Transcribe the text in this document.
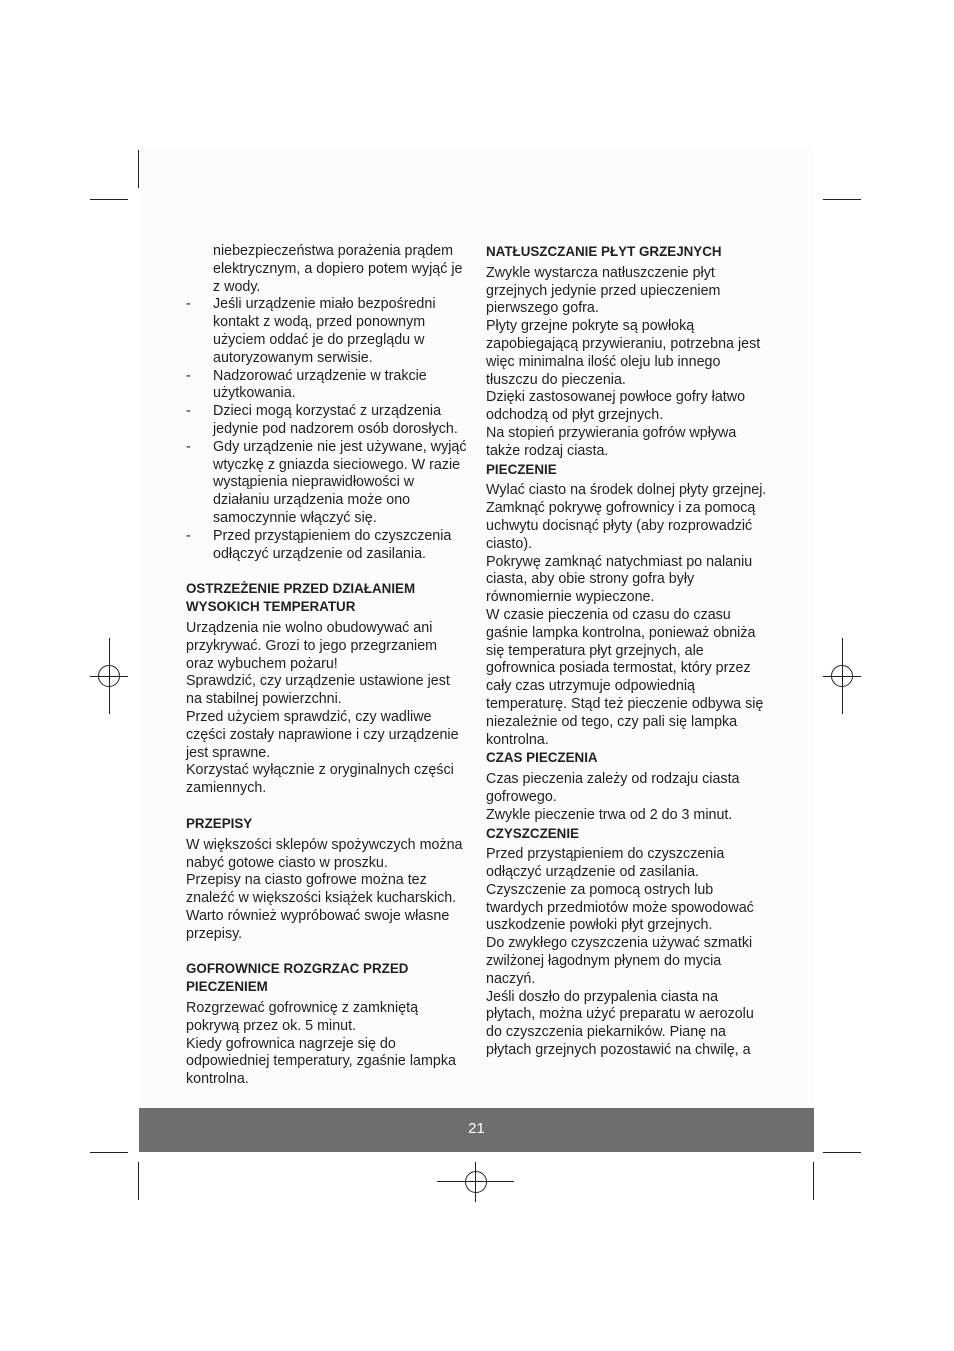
niebezpieczeństwa porażenia prądem
elektrycznym, a dopiero potem wyjąć je
z wody.
- Jeśli urządzenie miało bezpośredni
kontakt z wodą, przed ponownym
użyciem oddać je do przeglądu w
autoryzowanym serwisie.
- Nadzorować urządzenie w trakcie
użytkowania.
- Dzieci mogą korzystać z urządzenia
jedynie pod nadzorem osób dorosłych.
- Gdy urządzenie nie jest używane, wyjąć
wtyczkę z gniazda sieciowego. W razie
wystąpienia nieprawidłowości w
działaniu urządzenia może ono
samoczynnie włączyć się.
- Przed przystąpieniem do czyszczenia
odłączyć urządzenie od zasilania.
OSTRZEŻENIE PRZED DZIAŁANIEM
WYSOKICH TEMPERATUR
Urządzenia nie wolno obudowywać ani
przykrywać. Grozi to jego przegrzaniem
oraz wybuchem pożaru!
Sprawdzić, czy urządzenie ustawione jest
na stabilnej powierzchni.
Przed użyciem sprawdzić, czy wadliwe
części zostały naprawione i czy urządzenie
jest sprawne.
Korzystać wyłącznie z oryginalnych części
zamiennych.
PRZEPISY
W większości sklepów spożywczych można
nabyć gotowe ciasto w proszku.
Przepisy na ciasto gofrowe można tez
znaleźć w większości książek kucharskich.
Warto również wypróbować swoje własne
przepisy.
GOFROWNICE ROZGRZAC PRZED
PIECZENIEM
Rozgrzewać gofrownicę z zamkniętą
pokrywą przez ok. 5 minut.
Kiedy gofrownica nagrzeje się do
odpowiedniej temperatury, zgaśnie lampka
kontrolna.
NATŁUSZCZANIE PŁYT GRZEJNYCH
Zwykle wystarcza natłuszczenie płyt
grzejnych jedynie przed upieczeniem
pierwszego gofra.
Płyty grzejne pokryte są powłoką
zapobiegającą przywieraniu, potrzebna jest
więc minimalna ilość oleju lub innego
tłuszczu do pieczenia.
Dzięki zastosowanej powłoce gofry łatwo
odchodzą od płyt grzejnych.
Na stopień przywierania gofrów wpływa
także rodzaj ciasta.
PIECZENIE
Wylać ciasto na środek dolnej płyty grzejnej.
Zamknąć pokrywę gofrownicy i za pomocą
uchwytu docisnąć płyty (aby rozprowadzić
ciasto).
Pokrywę zamknąć natychmiast po nalaniu
ciasta, aby obie strony gofra były
równomiernie wypieczone.
W czasie pieczenia od czasu do czasu
gaśnie lampka kontrolna, ponieważ obniża
się temperatura płyt grzejnych, ale
gofrownica posiada termostat, który przez
cały czas utrzymuje odpowiednią
temperaturę. Stąd też pieczenie odbywa się
niezależnie od tego, czy pali się lampka
kontrolna.
CZAS PIECZENIA
Czas pieczenia zależy od rodzaju ciasta
gofrowego.
Zwykle pieczenie trwa od 2 do 3 minut.
CZYSZCZENIE
Przed przystąpieniem do czyszczenia
odłączyć urządzenie od zasilania.
Czyszczenie za pomocą ostrych lub
twardych przedmiotów może spowodować
uszkodzenie powłoki płyt grzejnych.
Do zwykłego czyszczenia używać szmatki
zwilżonej łagodnym płynem do mycia
naczyń.
Jeśli doszło do przypalenia ciasta na
płytach, można użyć preparatu w aerozolu
do czyszczenia piekarników. Pianę na
płytach grzejnych pozostawić na chwilę, a
21
